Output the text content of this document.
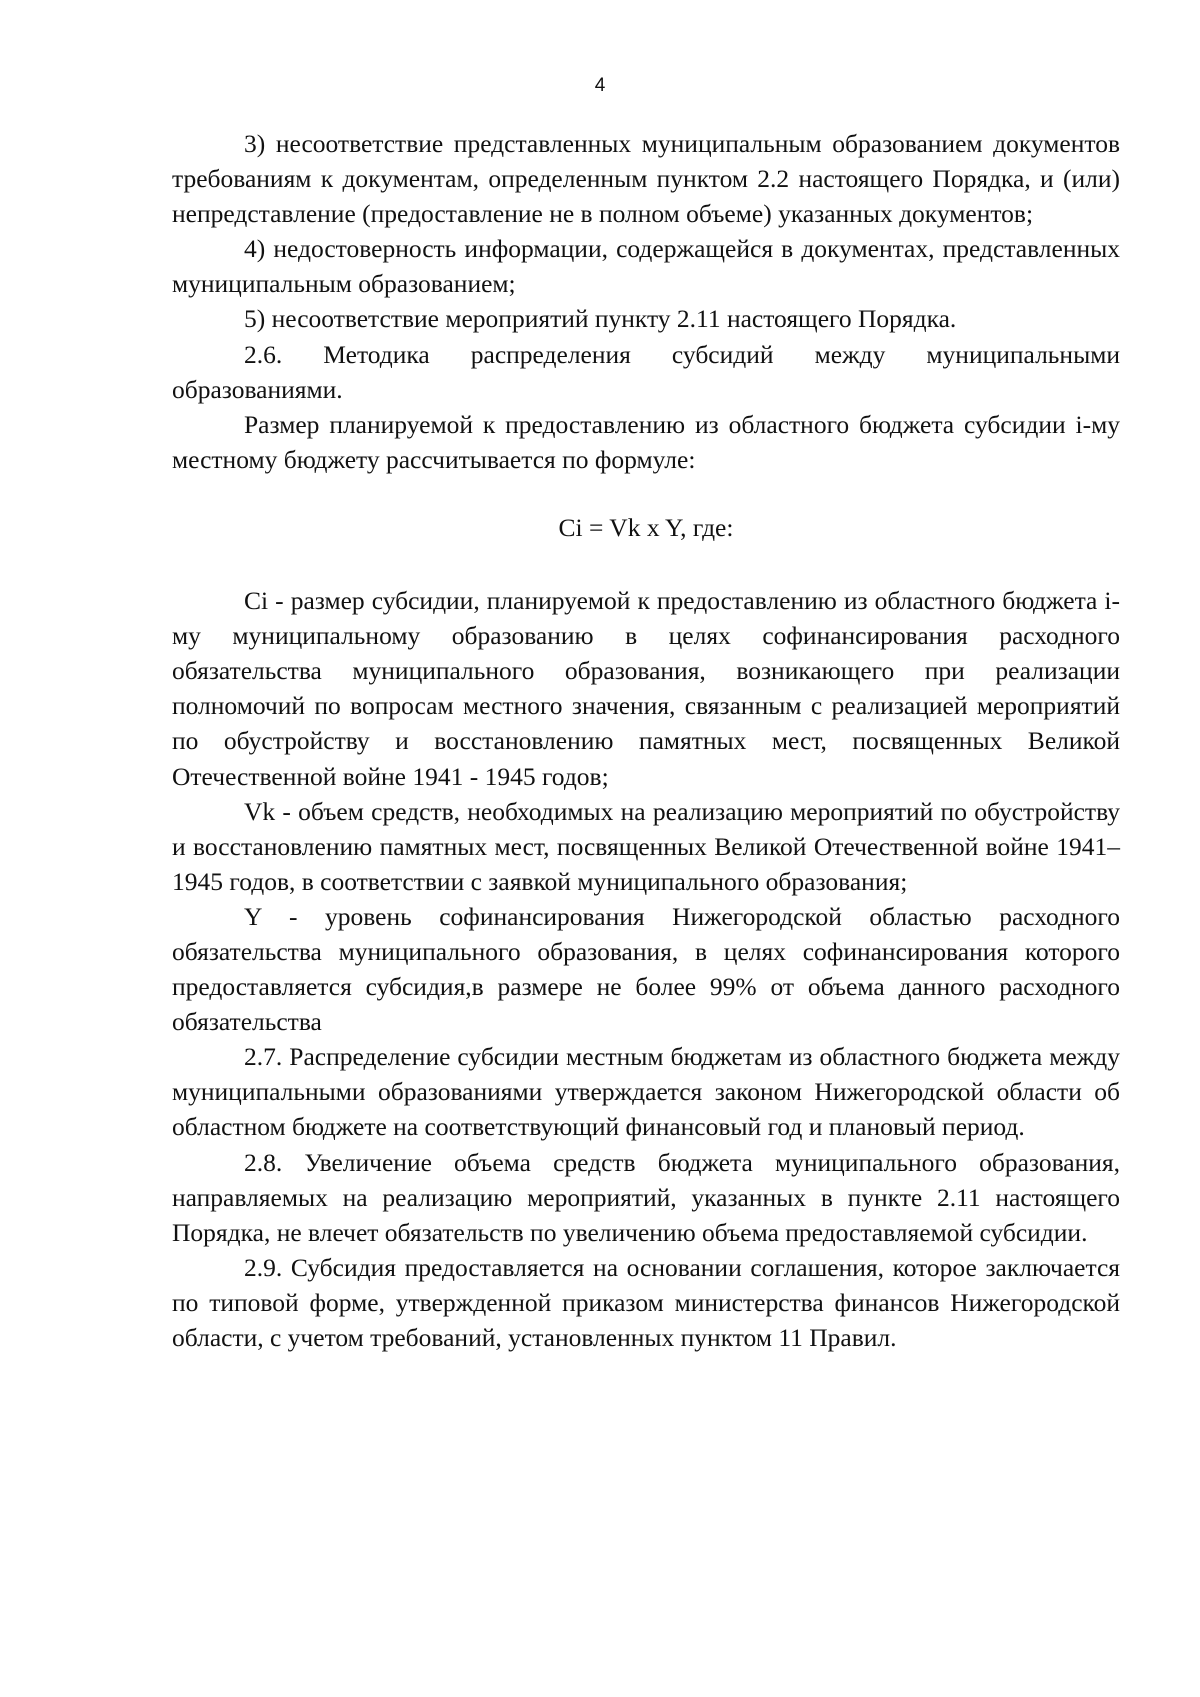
4

3) несоответствие представленных муниципальным образованием документов требованиям к документам, определенным пунктом 2.2 настоящего Порядка, и (или) непредставление (предоставление не в полном объеме) указанных документов;

4) недостоверность информации, содержащейся в документах, представленных муниципальным образованием;

5) несоответствие мероприятий пункту 2.11 настоящего Порядка.

2.6. Методика распределения субсидий между муниципальными образованиями.

Размер планируемой к предоставлению из областного бюджета субсидии i-му местному бюджету рассчитывается по формуле:

Ci = Vk x Y, где:

Ci - размер субсидии, планируемой к предоставлению из областного бюджета i-му муниципальному образованию в целях софинансирования расходного обязательства муниципального образования, возникающего при реализации полномочий по вопросам местного значения, связанным с реализацией мероприятий по обустройству и восстановлению памятных мест, посвященных Великой Отечественной войне 1941 - 1945 годов;

Vk - объем средств, необходимых на реализацию мероприятий по обустройству и восстановлению памятных мест, посвященных Великой Отечественной войне 1941–1945 годов, в соответствии с заявкой муниципального образования;

Y - уровень софинансирования Нижегородской областью расходного обязательства муниципального образования, в целях софинансирования которого предоставляется субсидия,в размере не более 99% от объема данного расходного обязательства

2.7. Распределение субсидии местным бюджетам из областного бюджета между муниципальными образованиями утверждается законом Нижегородской области об областном бюджете на соответствующий финансовый год и плановый период.

2.8. Увеличение объема средств бюджета муниципального образования, направляемых на реализацию мероприятий, указанных в пункте 2.11 настоящего Порядка, не влечет обязательств по увеличению объема предоставляемой субсидии.

2.9. Субсидия предоставляется на основании соглашения, которое заключается по типовой форме, утвержденной приказом министерства финансов Нижегородской области, с учетом требований, установленных пунктом 11 Правил.
